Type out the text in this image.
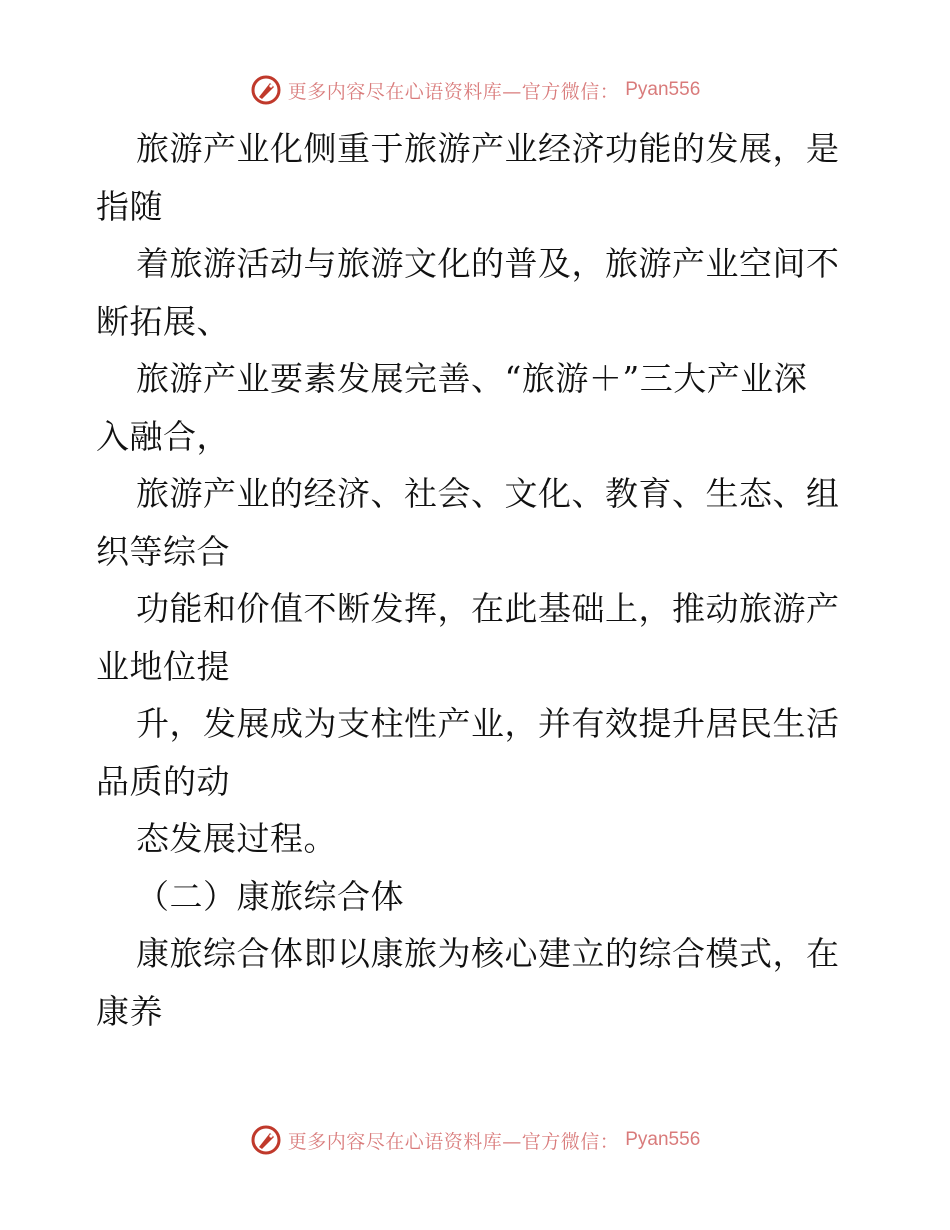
更多内容尽在心语资料库—官方微信： Pyan556
旅游产业化侧重于旅游产业经济功能的发展，是
指随
着旅游活动与旅游文化的普及，旅游产业空间不
断拓展、
旅游产业要素发展完善、“旅游＋”三大产业深
入融合，
旅游产业的经济、社会、文化、教育、生态、组
织等综合
功能和价值不断发挥，在此基础上，推动旅游产
业地位提
升，发展成为支柱性产业，并有效提升居民生活
品质的动
态发展过程。
（二）康旅综合体
康旅综合体即以康旅为核心建立的综合模式，在
康养
更多内容尽在心语资料库—官方微信： Pyan556
